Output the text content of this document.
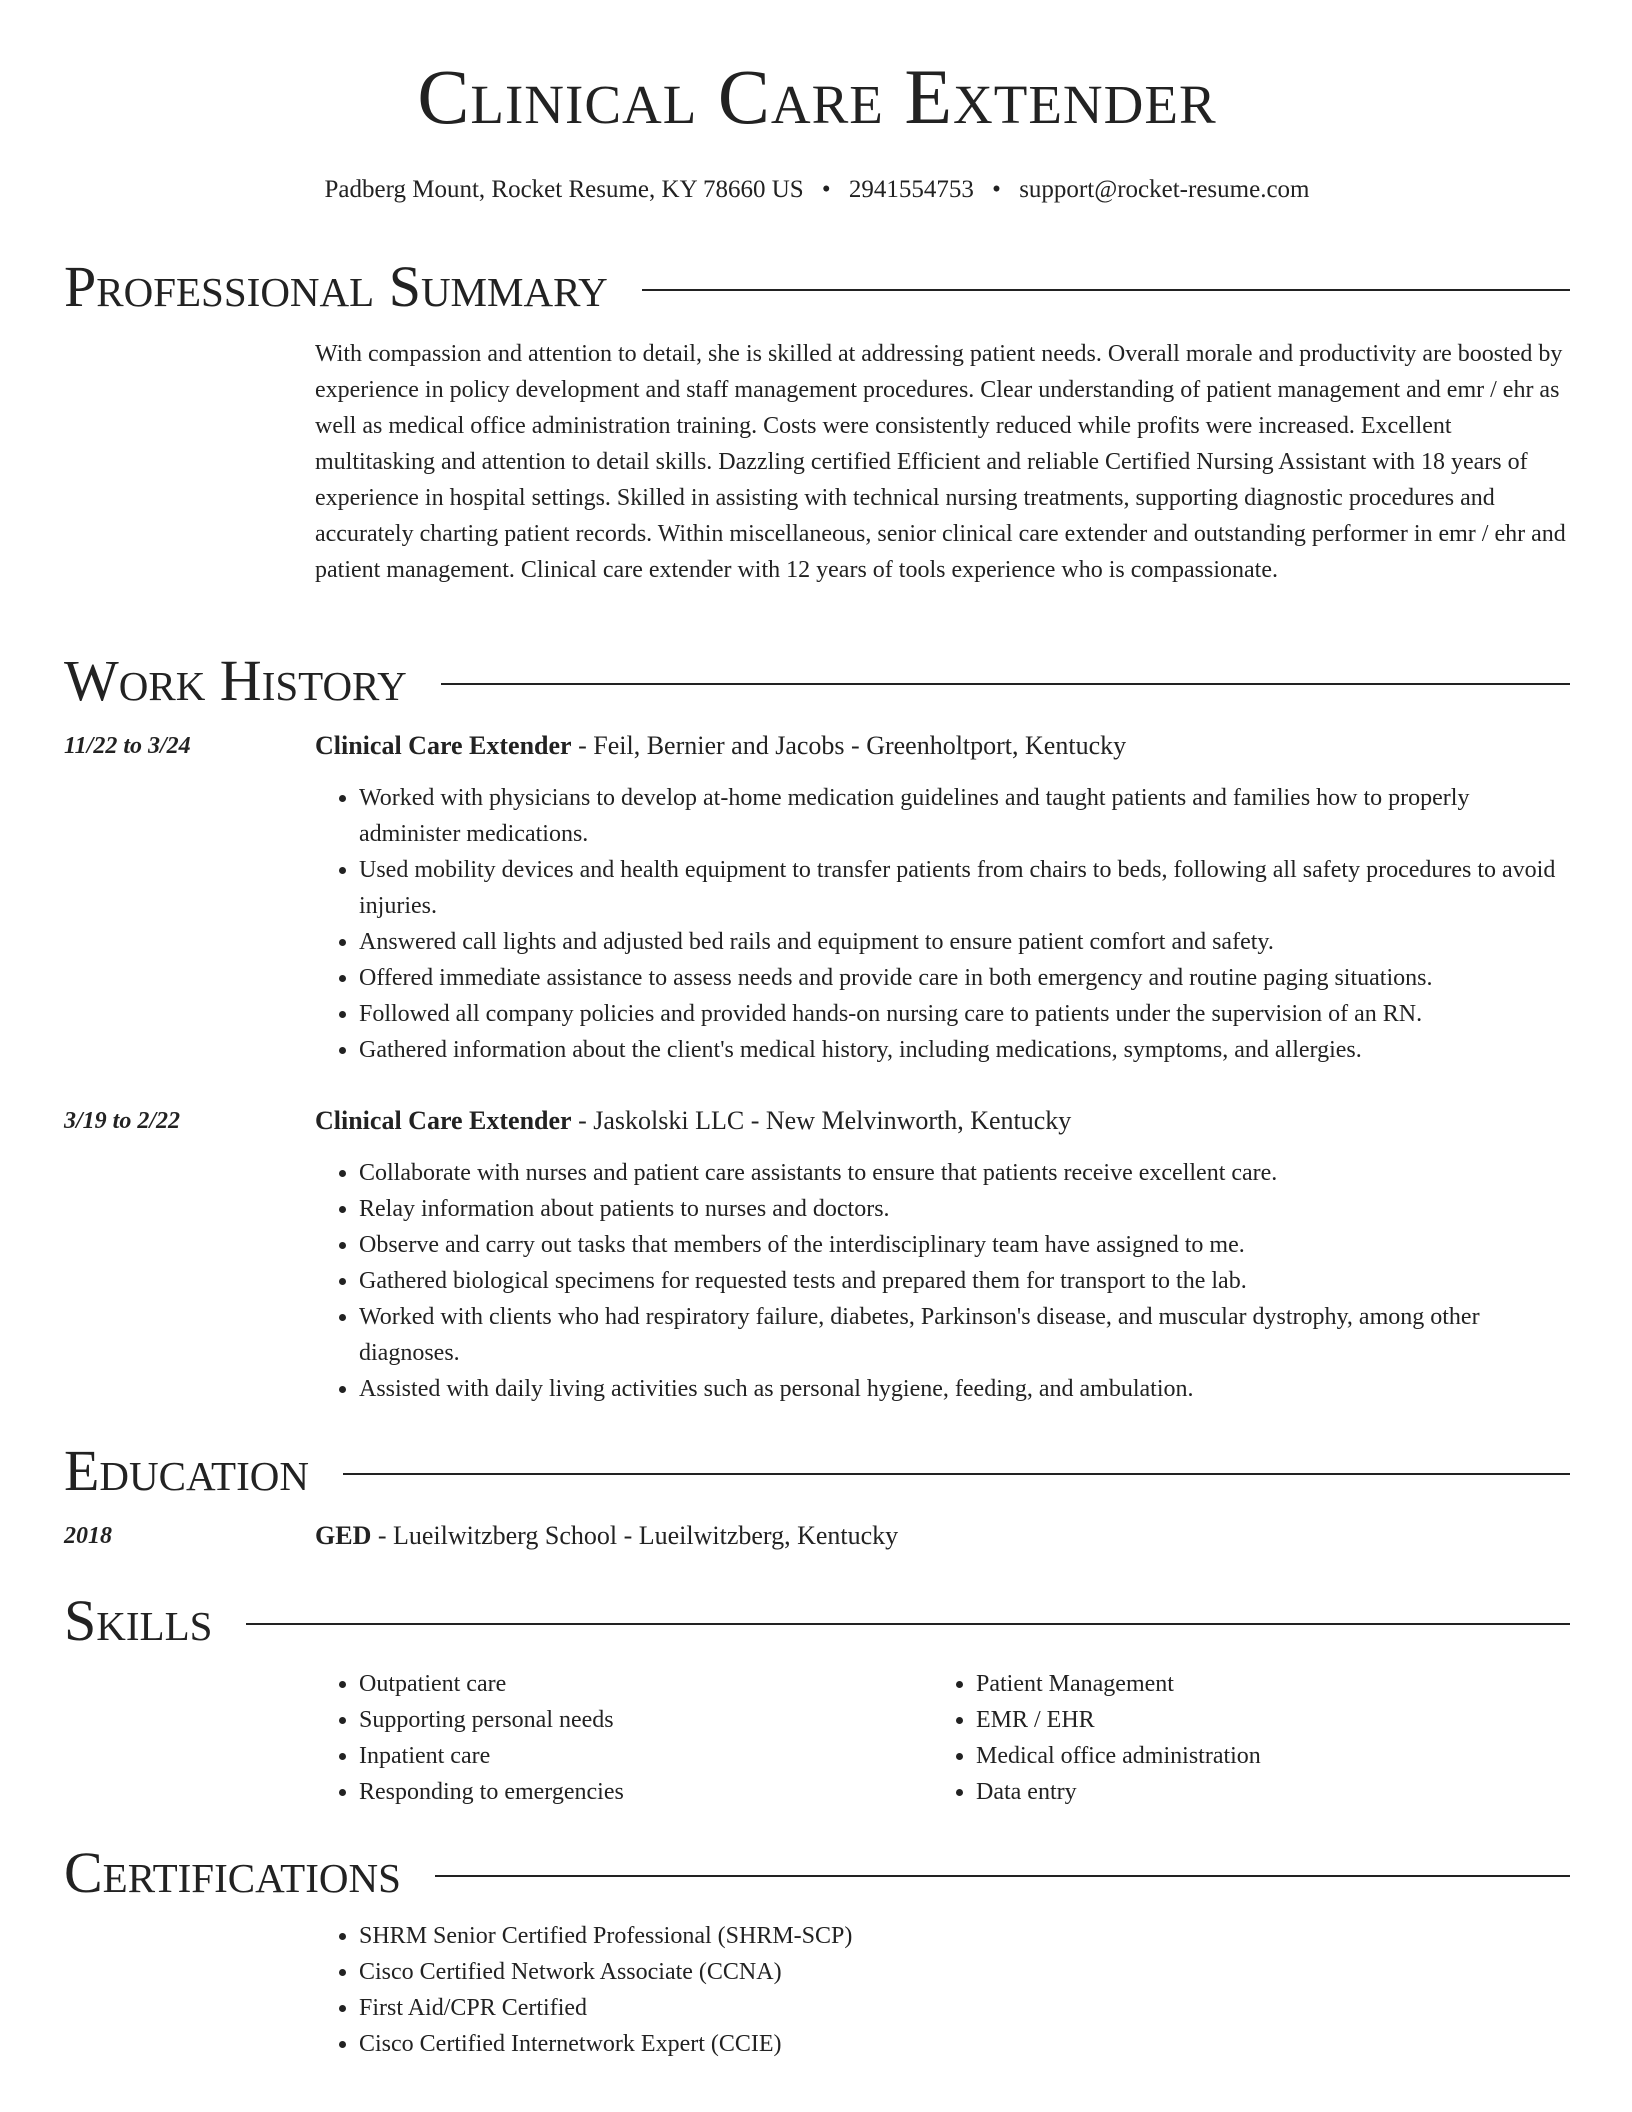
Clinical Care Extender
Padberg Mount, Rocket Resume, KY 78660 US • 2941554753 • support@rocket-resume.com
Professional Summary

With compassion and attention to detail, she is skilled at addressing patient needs. Overall morale and productivity are boosted by experience in policy development and staff management procedures. Clear understanding of patient management and emr / ehr as well as medical office administration training. Costs were consistently reduced while profits were increased. Excellent multitasking and attention to detail skills. Dazzling certified Efficient and reliable Certified Nursing Assistant with 18 years of experience in hospital settings. Skilled in assisting with technical nursing treatments, supporting diagnostic procedures and accurately charting patient records. Within miscellaneous, senior clinical care extender and outstanding performer in emr / ehr and patient management. Clinical care extender with 12 years of tools experience who is compassionate.

Work History
11/22 to 3/24	Clinical Care Extender - Feil, Bernier and Jacobs - Greenholtport, Kentucky
• Worked with physicians to develop at-home medication guidelines and taught patients and families how to properly administer medications.
• Used mobility devices and health equipment to transfer patients from chairs to beds, following all safety procedures to avoid injuries.
• Answered call lights and adjusted bed rails and equipment to ensure patient comfort and safety.
• Offered immediate assistance to assess needs and provide care in both emergency and routine paging situations.
• Followed all company policies and provided hands-on nursing care to patients under the supervision of an RN.
• Gathered information about the client's medical history, including medications, symptoms, and allergies.
3/19 to 2/22	Clinical Care Extender - Jaskolski LLC - New Melvinworth, Kentucky
• Collaborate with nurses and patient care assistants to ensure that patients receive excellent care.
• Relay information about patients to nurses and doctors.
• Observe and carry out tasks that members of the interdisciplinary team have assigned to me.
• Gathered biological specimens for requested tests and prepared them for transport to the lab.
• Worked with clients who had respiratory failure, diabetes, Parkinson's disease, and muscular dystrophy, among other diagnoses.
• Assisted with daily living activities such as personal hygiene, feeding, and ambulation.
Education
2018	GED - Lueilwitzberg School - Lueilwitzberg, Kentucky
Skills
• Outpatient care
• Supporting personal needs
• Inpatient care
• Responding to emergencies
• Patient Management
• EMR / EHR
• Medical office administration
• Data entry
Certifications
• SHRM Senior Certified Professional (SHRM-SCP)
• Cisco Certified Network Associate (CCNA)
• First Aid/CPR Certified
• Cisco Certified Internetwork Expert (CCIE)
